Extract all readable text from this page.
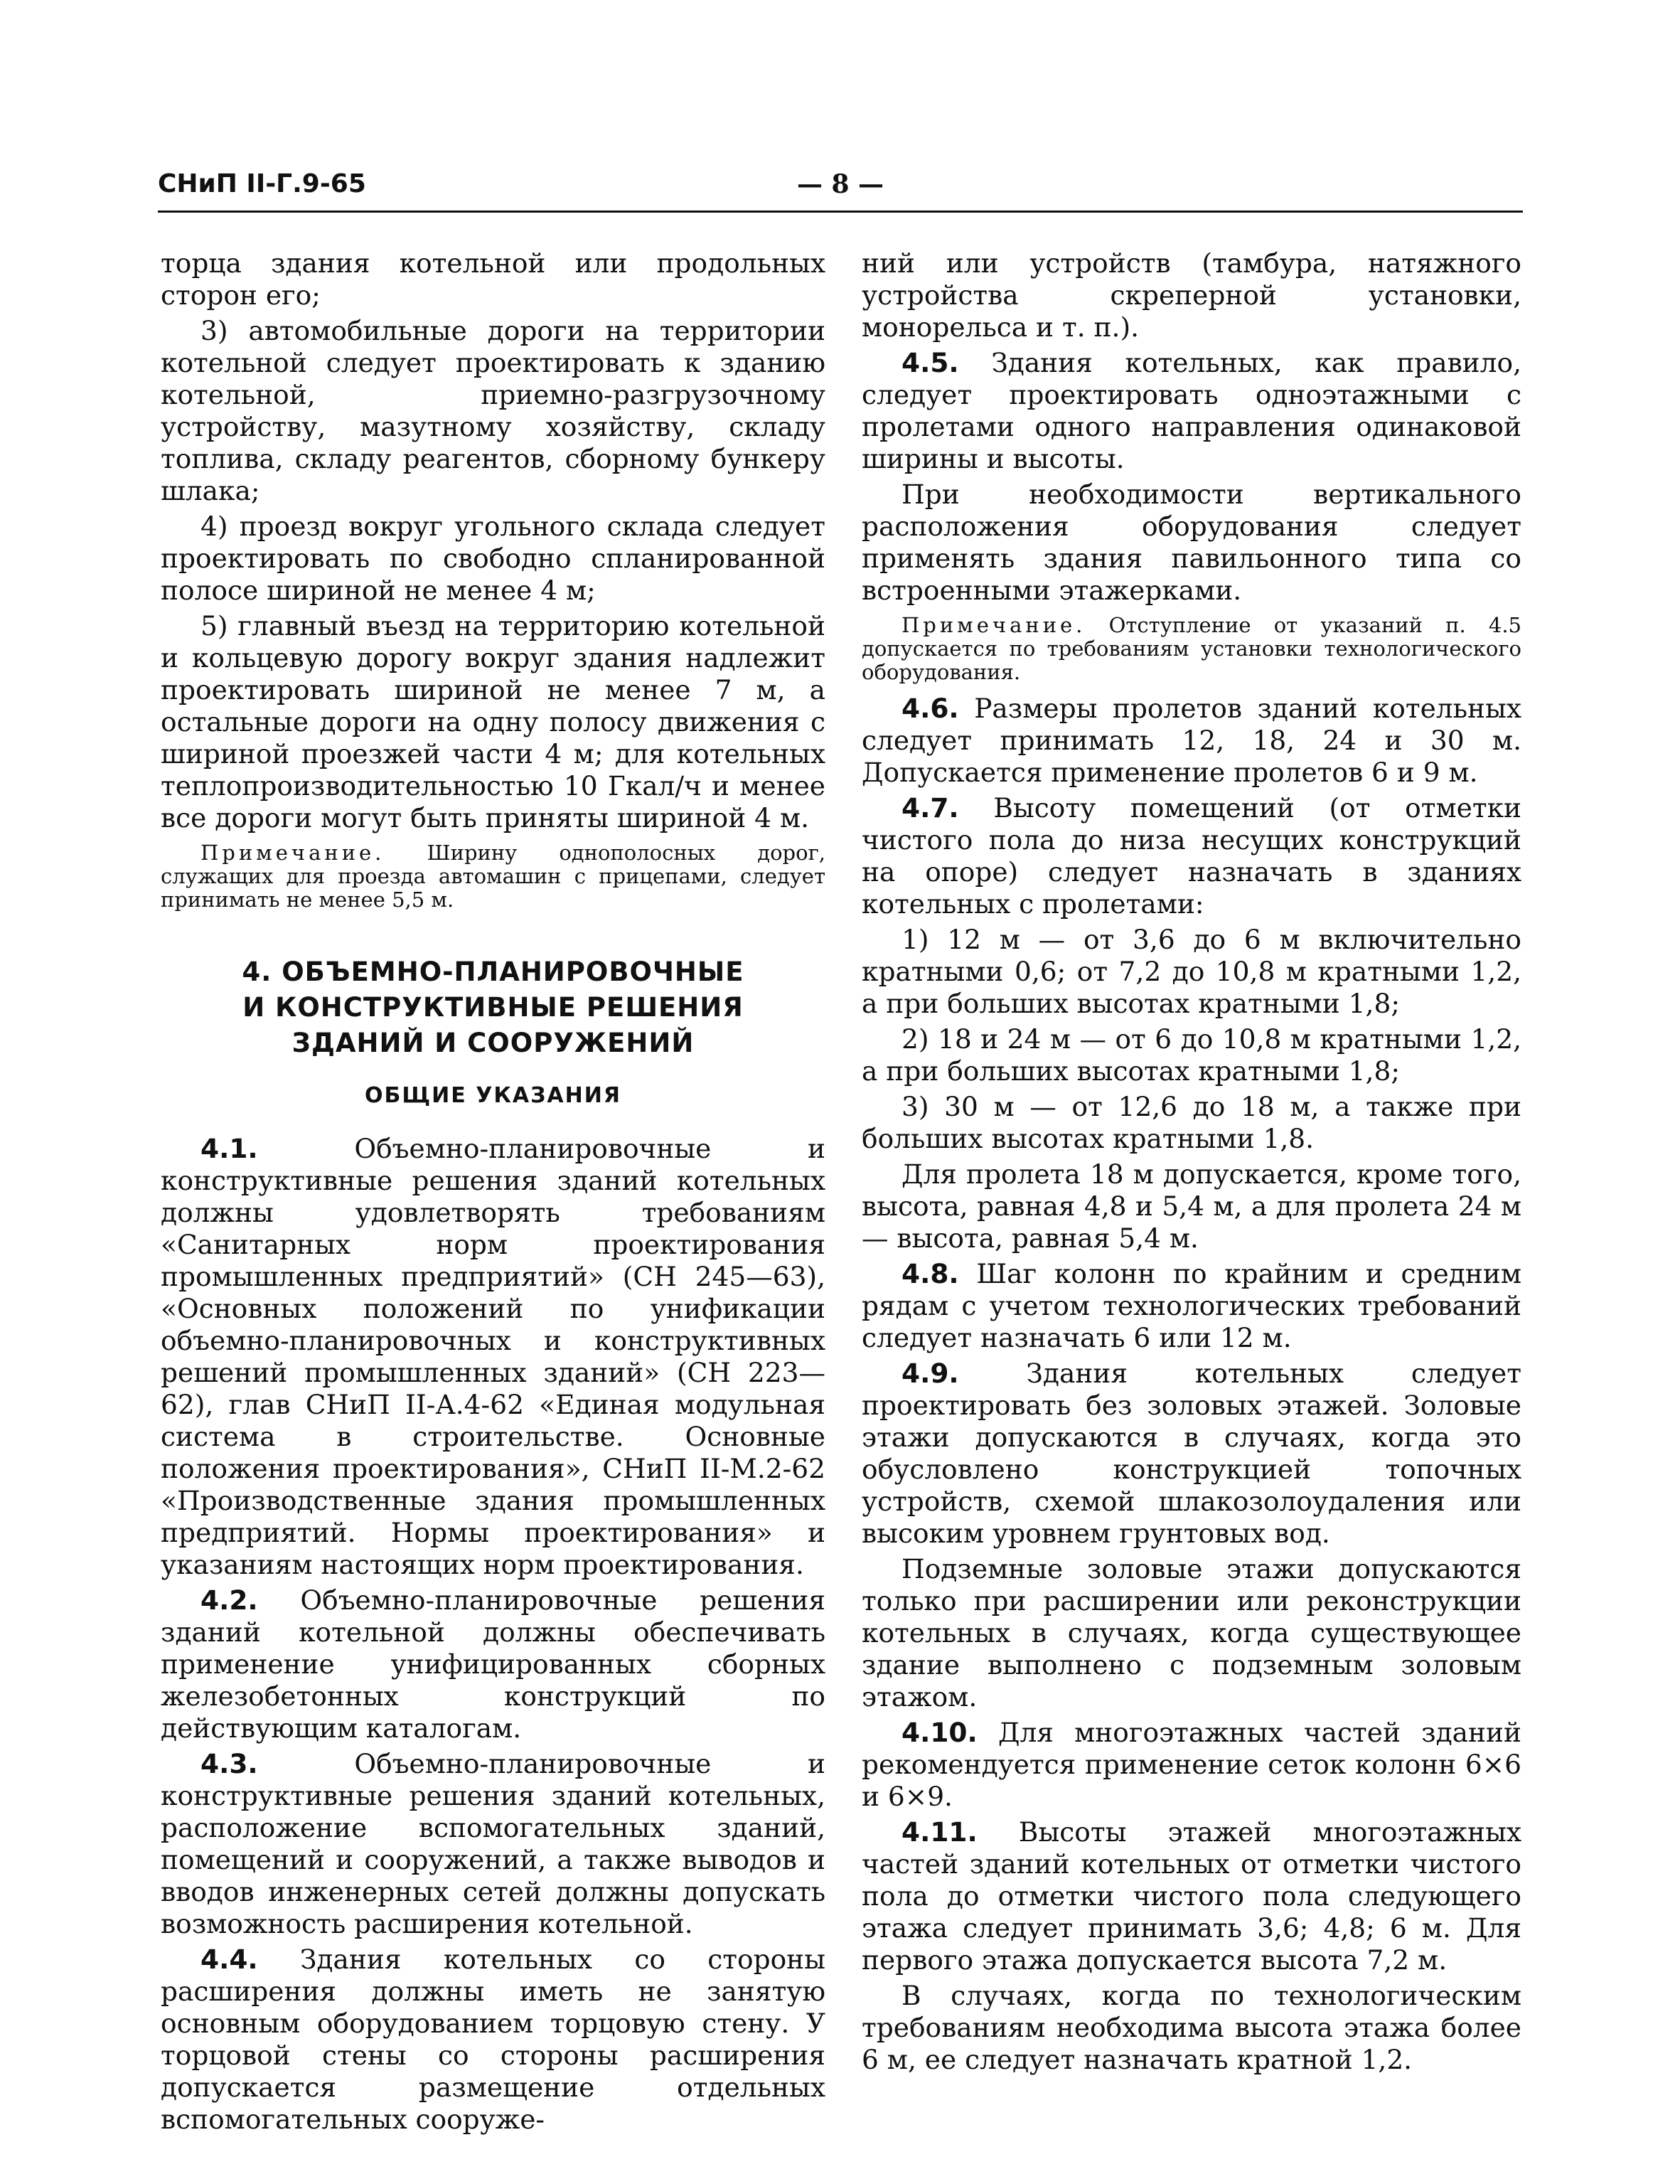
СНиП II-Г.9-65	— 8 —

торца здания котельной или продольных сторон его;

3) автомобильные дороги на территории котельной следует проектировать к зданию котельной, приемно-разгрузочному устройству, мазутному хозяйству, складу топлива, складу реагентов, сборному бункеру шлака;

4) проезд вокруг угольного склада следует проектировать по свободно спланированной полосе шириной не менее 4 м;

5) главный въезд на территорию котельной и кольцевую дорогу вокруг здания надлежит проектировать шириной не менее 7 м, а остальные дороги на одну полосу движения с шириной проезжей части 4 м; для котельных теплопроизводительностью 10 Гкал/ч и менее все дороги могут быть приняты шириной 4 м.

Примечание. Ширину однополосных дорог, служащих для проезда автомашин с прицепами, следует принимать не менее 5,5 м.

4. ОБЪЕМНО-ПЛАНИРОВОЧНЫЕ
И КОНСТРУКТИВНЫЕ РЕШЕНИЯ
ЗДАНИЙ И СООРУЖЕНИЙ
ОБЩИЕ УКАЗАНИЯ

4.1.	Объемно-планировочные и конструктивные решения зданий котельных должны удовлетворять требованиям «Санитарных норм проектирования промышленных предприятий» (СН 245—63), «Основных положений по унификации объемно-планировочных и конструктивных решений промышленных зданий» (СН 223—62), глав СНиП II-А.4-62 «Единая модульная система в строительстве. Основные положения проектирования», СНиП II-М.2-62 «Производственные здания промышленных предприятий. Нормы проектирования» и указаниям настоящих норм проектирования.

4.2. Объемно-планировочные решения зданий котельной должны обеспечивать применение унифицированных сборных железобетонных конструкций по действующим каталогам.

4.3.	Объемно-планировочные и конструктивные решения зданий котельных, расположение вспомогательных зданий, помещений и сооружений, а также выводов и вводов инженерных сетей должны допускать возможность расширения котельной.

4.4. Здания котельных со стороны расширения должны иметь не занятую основным оборудованием торцовую стену. У торцовой стены со стороны расширения допускается размещение отдельных вспомогательных сооруже-

ний или устройств (тамбура, натяжного устройства скреперной установки, монорельса и т. п.).

4.5. Здания котельных, как правило, следует проектировать одноэтажными с пролетами одного направления одинаковой ширины и высоты.

При необходимости вертикального расположения оборудования следует применять здания павильонного типа со встроенными этажерками.

Примечание. Отступление от указаний п. 4.5 допускается по требованиям установки технологического оборудования.

4.6. Размеры пролетов зданий котельных следует принимать 12, 18, 24 и 30 м. Допускается применение пролетов 6 и 9 м.

4.7. Высоту помещений (от отметки чистого пола до низа несущих конструкций на опоре) следует назначать в зданиях котельных с пролетами:

1) 12 м — от 3,6 до 6 м включительно кратными 0,6; от 7,2 до 10,8 м кратными 1,2, а при больших высотах кратными 1,8;

2) 18 и 24 м — от 6 до 10,8 м кратными 1,2, а при больших высотах кратными 1,8;

3) 30 м — от 12,6 до 18 м, а также при больших высотах кратными 1,8.

Для пролета 18 м допускается, кроме того, высота, равная 4,8 и 5,4 м, а для пролета 24 м — высота, равная 5,4 м.

4.8. Шаг колонн по крайним и средним рядам с учетом технологических требований следует назначать 6 или 12 м.

4.9.	Здания котельных следует проектировать без золовых этажей. Золовые этажи допускаются в случаях, когда это обусловлено конструкцией топочных устройств, схемой шлакозолоудаления или высоким уровнем грунтовых вод.

Подземные золовые этажи допускаются только при расширении или реконструкции котельных в случаях, когда существующее здание выполнено с подземным золовым этажом.

4.10. Для многоэтажных частей зданий рекомендуется применение сеток колонн 6×6 и 6×9.

4.11. Высоты этажей многоэтажных частей зданий котельных от отметки чистого пола до отметки чистого пола следующего этажа следует принимать 3,6; 4,8; 6 м. Для первого этажа допускается высота 7,2 м.

В случаях, когда по технологическим требованиям необходима высота этажа более 6 м, ее следует назначать кратной 1,2.
